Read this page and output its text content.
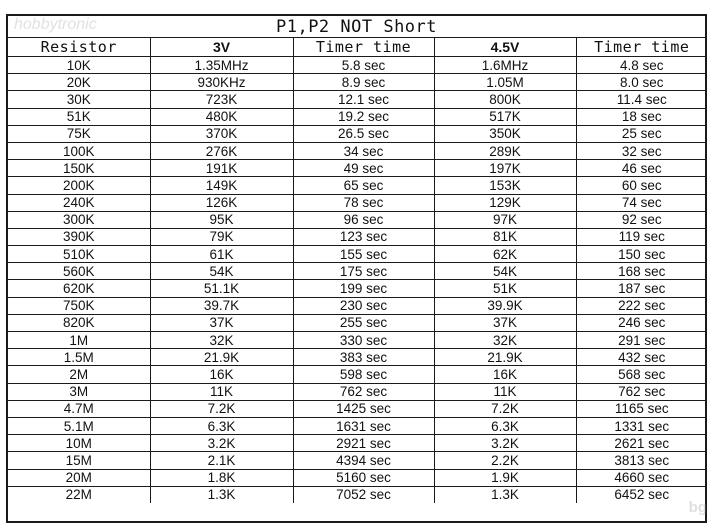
P1,P2 NOT Short
Resistor	3V	Timer time	4.5V	Timer time
10K	1.35MHz	5.8 sec	1.6MHz	4.8 sec
20K	930KHz	8.9 sec	1.05M	8.0 sec
30K	723K	12.1 sec	800K	11.4 sec
51K	480K	19.2 sec	517K	18 sec
75K	370K	26.5 sec	350K	25 sec
100K	276K	34 sec	289K	32 sec
150K	191K	49 sec	197K	46 sec
200K	149K	65 sec	153K	60 sec
240K	126K	78 sec	129K	74 sec
300K	95K	96 sec	97K	92 sec
390K	79K	123 sec	81K	119 sec
510K	61K	155 sec	62K	150 sec
560K	54K	175 sec	54K	168 sec
620K	51.1K	199 sec	51K	187 sec
750K	39.7K	230 sec	39.9K	222 sec
820K	37K	255 sec	37K	246 sec
1M	32K	330 sec	32K	291 sec
1.5M	21.9K	383 sec	21.9K	432 sec
2M	16K	598 sec	16K	568 sec
3M	11K	762 sec	11K	762 sec
4.7M	7.2K	1425 sec	7.2K	1165 sec
5.1M	6.3K	1631 sec	6.3K	1331 sec
10M	3.2K	2921 sec	3.2K	2621 sec
15M	2.1K	4394 sec	2.2K	3813 sec
20M	1.8K	5160 sec	1.9K	4660 sec
22M	1.3K	7052 sec	1.3K	6452 sec
hobbytronic
bg
